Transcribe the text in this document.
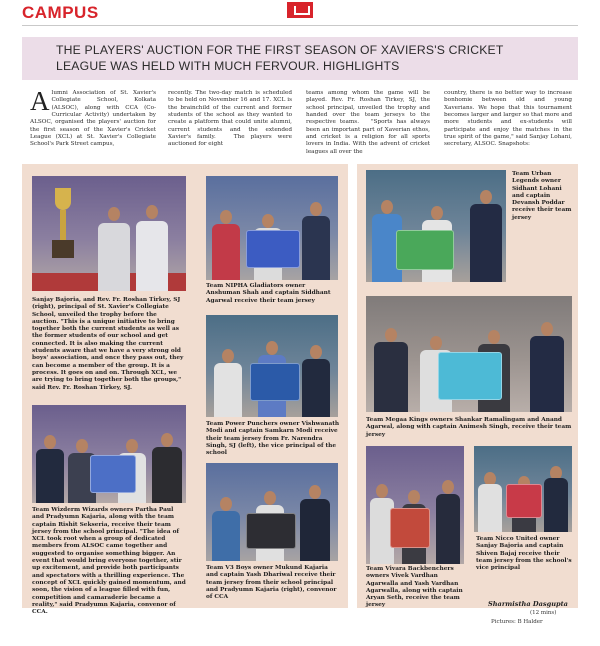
CAMPUS
THE PLAYERS' AUCTION FOR THE FIRST SEASON OF XAVIERS'S CRICKET LEAGUE WAS HELD WITH MUCH FERVOUR. HIGHLIGHTS
Alumni Association of St. Xavier's Collegiate School, Kolkata (ALSOC), along with CCA (Co-Curricular Activity) undertaken by ALSOC, organised the players' auction for the first season of the Xavier's Cricket League (XCL) at St. Xavier's Collegiate School's Park Street campus,
recently. The two-day match is scheduled to be held on November 16 and 17. XCL is the brainchild of the current and former students of the school as they wanted to create a platform that could unite alumni, current students and the extended Xavier's family.   The players were auctioned for eight
teams among whom the game will be played. Rev. Fr. Roshan Tirkey, SJ, the school principal, unveiled the trophy and handed over the team jerseys to the respective teams.   "Sports has always been an important part of Xaverian ethos, and cricket is a religion for all sports lovers in India. With the advent of cricket leagues all over the
country, there is no better way to increase bonhomie between old and young Xaverians. We hope that this tournament becomes larger and larger so that more and more students and ex-students will participate and enjoy the matches in the true spirit of the game," said Sanjay Lohani, secretary, ALSOC. Snapshots:
Sanjay Bajoria, and Rev. Fr. Roshan Tirkey, SJ (right), principal of St. Xavier's Collegiate School, unveiled the trophy before the auction. "This is a unique initiative to bring together both the current students as well as the former students of our school and get connected. It is also making the current students aware that we have a very strong old boys' association, and once they pass out, they can become a member of the group. It is a process. It goes on and on. Through XCL, we are trying to bring together both the groups," said Rev. Fr. Roshan Tirkey, SJ.
Team NIPHA Gladiators owner Anshuman Shah and captain Siddhant Agarwal receive their team jersey
Team Power Punchers owner Vishwanath Modi and captain Samkarn Modi receive their team jersey from Fr. Narendra Singh, SJ (left), the vice principal of the school
Team V3 Boys owner Mukund Kajaria and captain Yash Dhariwal receive their team jersey from their school principal and Pradyumn Kajaria (right), convenor of CCA
Team Wizderm Wizards owners Partha Paul and Pradyumn Kajaria, along with the team captain Rishit Sekseria, receive their team jersey from the school principal. "The idea of XCL took root when a group of dedicated members from ALSOC came together and suggested to organise something bigger. An event that would bring everyone together, stir up excitement, and provide both participants and spectators with a thrilling experience. The concept of XCL quickly gained momentum, and soon, the vision of a league filled with fun, competition and camaraderie became a reality," said Pradyumn Kajaria, convenor of CCA.
Team Urban Legends owner Sidhant Lohani and captain Devansh Poddar receive their team jersey
Team Megaa Kings owners Shankar Ramalingam and Anand Agarwal, along with captain Animesh Singh, receive their team jersey
Team Vivara Backbenchers owners Vivek Vardhan Agarwalla and Yash Vardhan Agarwalla, along with captain Aryan Seth, receive the team jersey
Team Nicco United owner Sanjay Bajoria and captain Shiven Bajaj receive their team jersey from the school's vice principal
Sharmistha Dasgupta
(12 mins)
Pictures: B Halder
